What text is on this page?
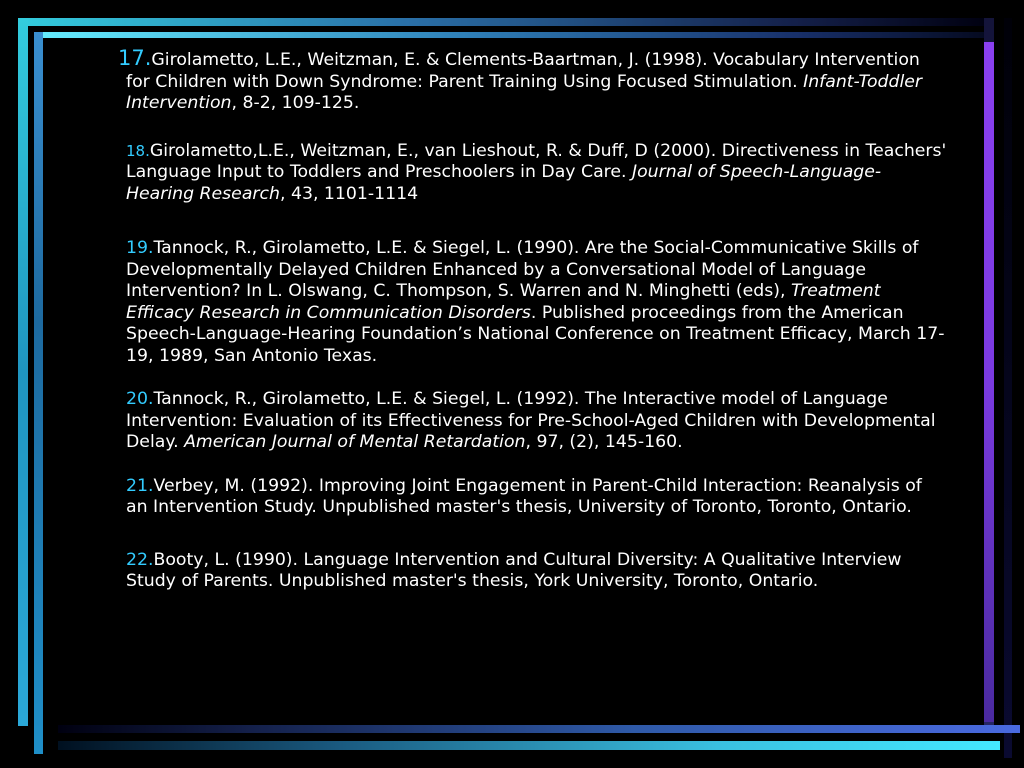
17.Girolametto, L.E., Weitzman, E. & Clements-Baartman, J. (1998). Vocabulary Intervention for Children with Down Syndrome: Parent Training Using Focused Stimulation. Infant-Toddler Intervention, 8-2, 109-125.
18.Girolametto,L.E., Weitzman, E., van Lieshout, R. & Duff, D (2000). Directiveness in Teachers' Language Input to Toddlers and Preschoolers in Day Care. Journal of Speech-Language-Hearing Research, 43, 1101-1114
19.Tannock, R., Girolametto, L.E. & Siegel, L. (1990). Are the Social-Communicative Skills of Developmentally Delayed Children Enhanced by a Conversational Model of Language Intervention? In L. Olswang, C. Thompson, S. Warren and N. Minghetti (eds), Treatment Efficacy Research in Communication Disorders. Published proceedings from the American Speech-Language-Hearing Foundation’s National Conference on Treatment Efficacy, March 17-19, 1989, San Antonio Texas.
20.Tannock, R., Girolametto, L.E. & Siegel, L. (1992). The Interactive model of Language Intervention: Evaluation of its Effectiveness for Pre-School-Aged Children with Developmental Delay. American Journal of Mental Retardation, 97, (2), 145-160.
21.Verbey, M. (1992). Improving Joint Engagement in Parent-Child Interaction: Reanalysis of an Intervention Study. Unpublished master's thesis, University of Toronto, Toronto, Ontario.
22.Booty, L. (1990). Language Intervention and Cultural Diversity: A Qualitative Interview Study of Parents. Unpublished master's thesis, York University, Toronto, Ontario.
